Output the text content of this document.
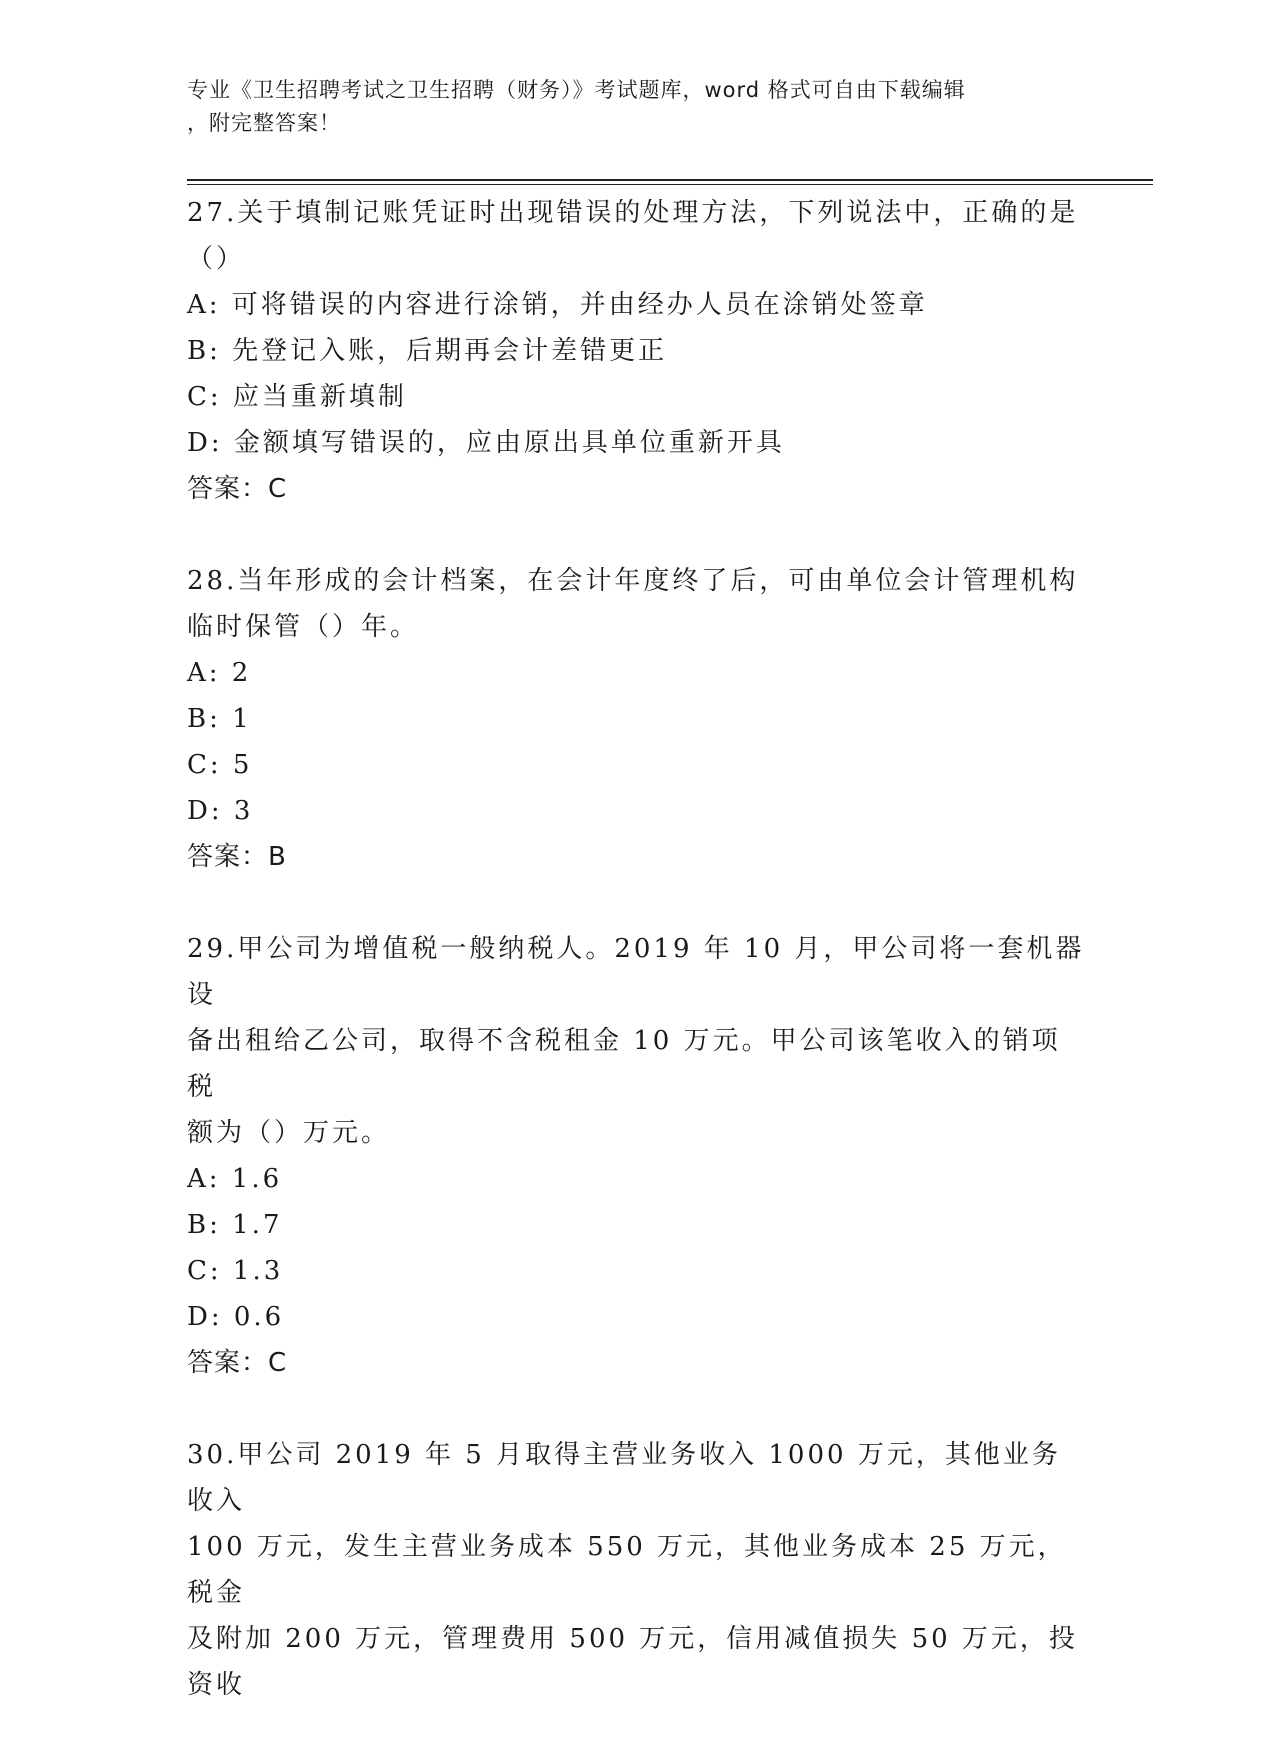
专业《卫生招聘考试之卫生招聘（财务）》考试题库，word 格式可自由下载编辑
，附完整答案！
27.关于填制记账凭证时出现错误的处理方法，下列说法中，正确的是
（）
A: 可将错误的内容进行涂销，并由经办人员在涂销处签章
B: 先登记入账，后期再会计差错更正
C: 应当重新填制
D: 金额填写错误的，应由原出具单位重新开具
答案：C
28.当年形成的会计档案，在会计年度终了后，可由单位会计管理机构
临时保管（）年。
A: 2
B: 1
C: 5
D: 3
答案：B
29.甲公司为增值税一般纳税人。2019 年 10 月，甲公司将一套机器设
备出租给乙公司，取得不含税租金 10 万元。甲公司该笔收入的销项税
额为（）万元。
A: 1.6
B: 1.7
C: 1.3
D: 0.6
答案：C
30.甲公司 2019 年 5 月取得主营业务收入 1000 万元，其他业务收入
100 万元，发生主营业务成本 550 万元，其他业务成本 25 万元，税金
及附加 200 万元，管理费用 500 万元，信用减值损失 50 万元，投资收
